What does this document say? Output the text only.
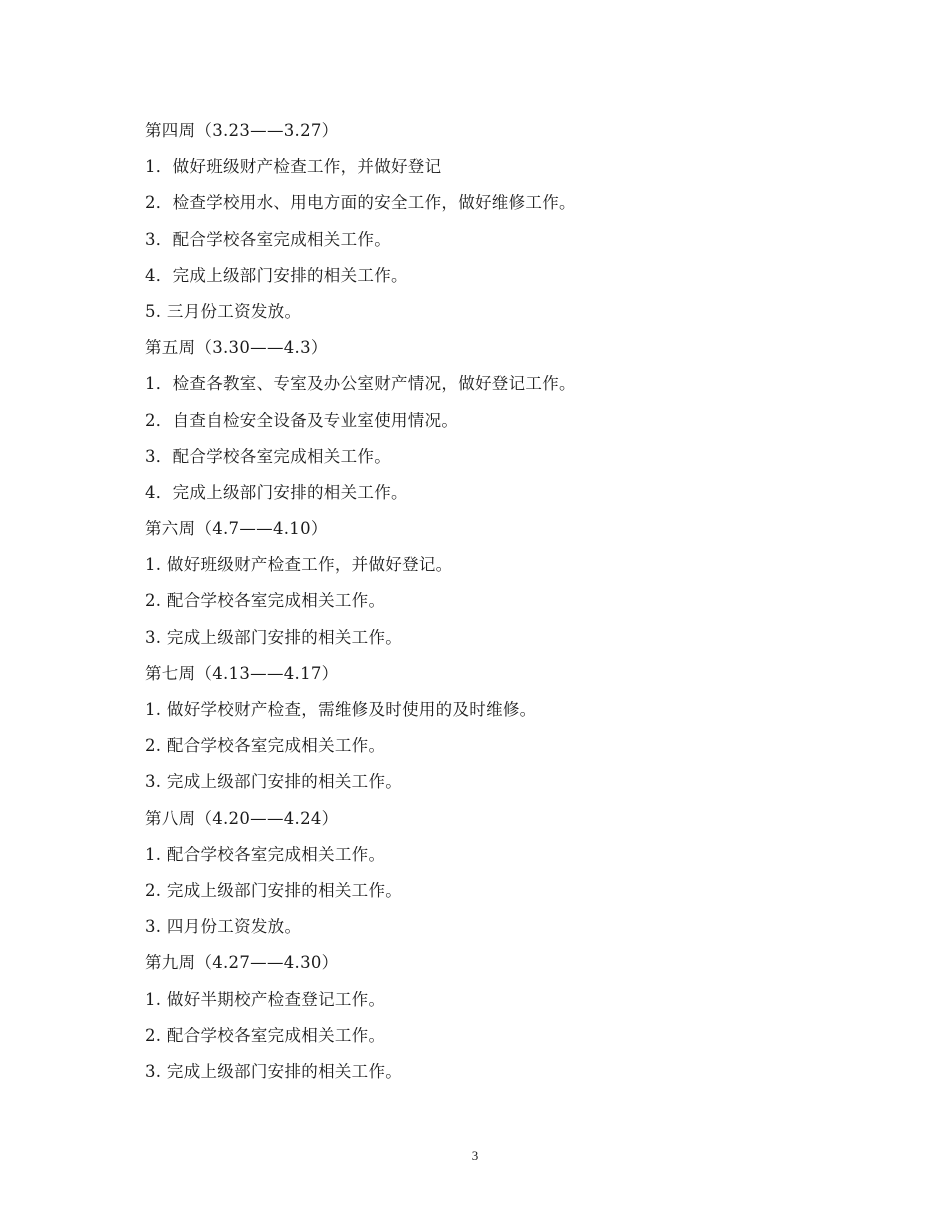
第四周（3.23——3.27）
1．做好班级财产检查工作，并做好登记
2．检查学校用水、用电方面的安全工作，做好维修工作。
3．配合学校各室完成相关工作。
4．完成上级部门安排的相关工作。
5. 三月份工资发放。
第五周（3.30——4.3）
1．检查各教室、专室及办公室财产情况，做好登记工作。
2．自查自检安全设备及专业室使用情况。
3．配合学校各室完成相关工作。
4．完成上级部门安排的相关工作。
第六周（4.7——4.10）
1. 做好班级财产检查工作，并做好登记。
2. 配合学校各室完成相关工作。
3. 完成上级部门安排的相关工作。
第七周（4.13——4.17）
1. 做好学校财产检查，需维修及时使用的及时维修。
2. 配合学校各室完成相关工作。
3. 完成上级部门安排的相关工作。
第八周（4.20——4.24）
1. 配合学校各室完成相关工作。
2. 完成上级部门安排的相关工作。
3. 四月份工资发放。
第九周（4.27——4.30）
1. 做好半期校产检查登记工作。
2. 配合学校各室完成相关工作。
3. 完成上级部门安排的相关工作。
3
